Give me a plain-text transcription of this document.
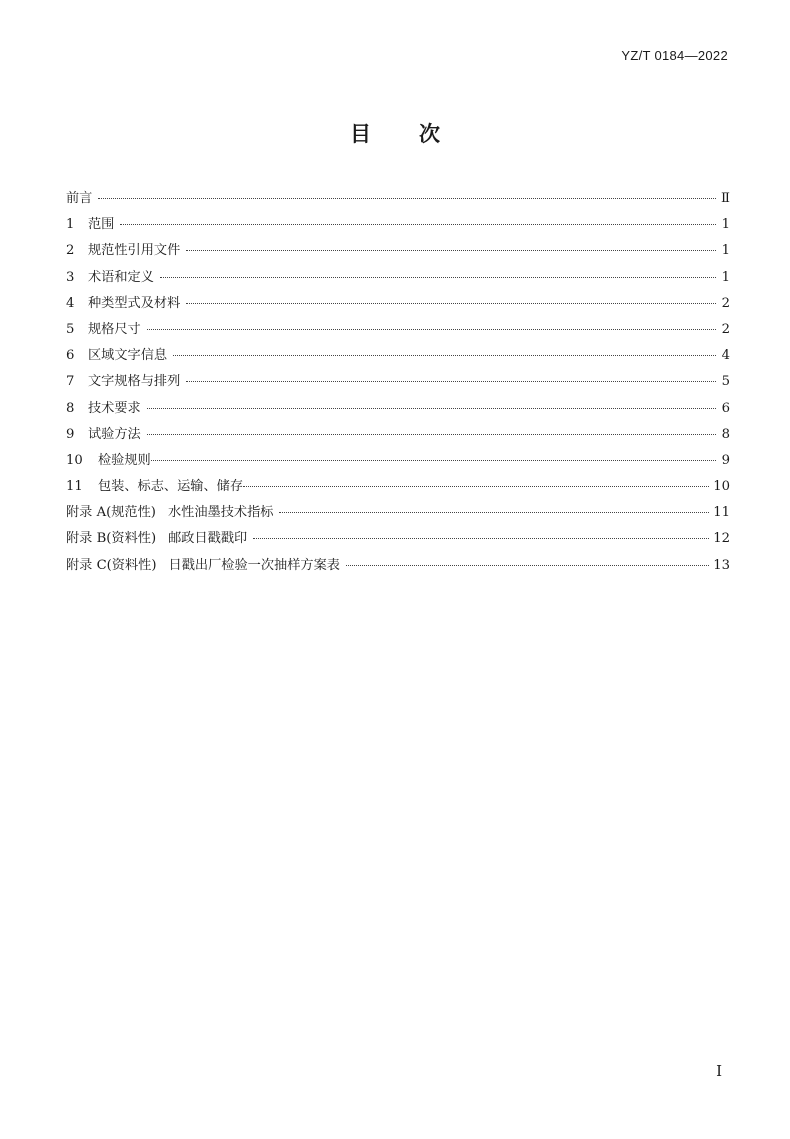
YZ/T 0184—2022
目 次
前言	Ⅱ
1	范围	1
2	规范性引用文件	1
3	术语和定义	1
4	种类型式及材料	2
5	规格尺寸	2
6	区域文字信息	4
7	文字规格与排列	5
8	技术要求	6
9	试验方法	8
10	检验规则	9
11	包装、标志、运输、储存	10
附录 A(规范性) 水性油墨技术指标	11
附录 B(资料性) 邮政日戳戳印	12
附录 C(资料性) 日戳出厂检验一次抽样方案表	13
I
